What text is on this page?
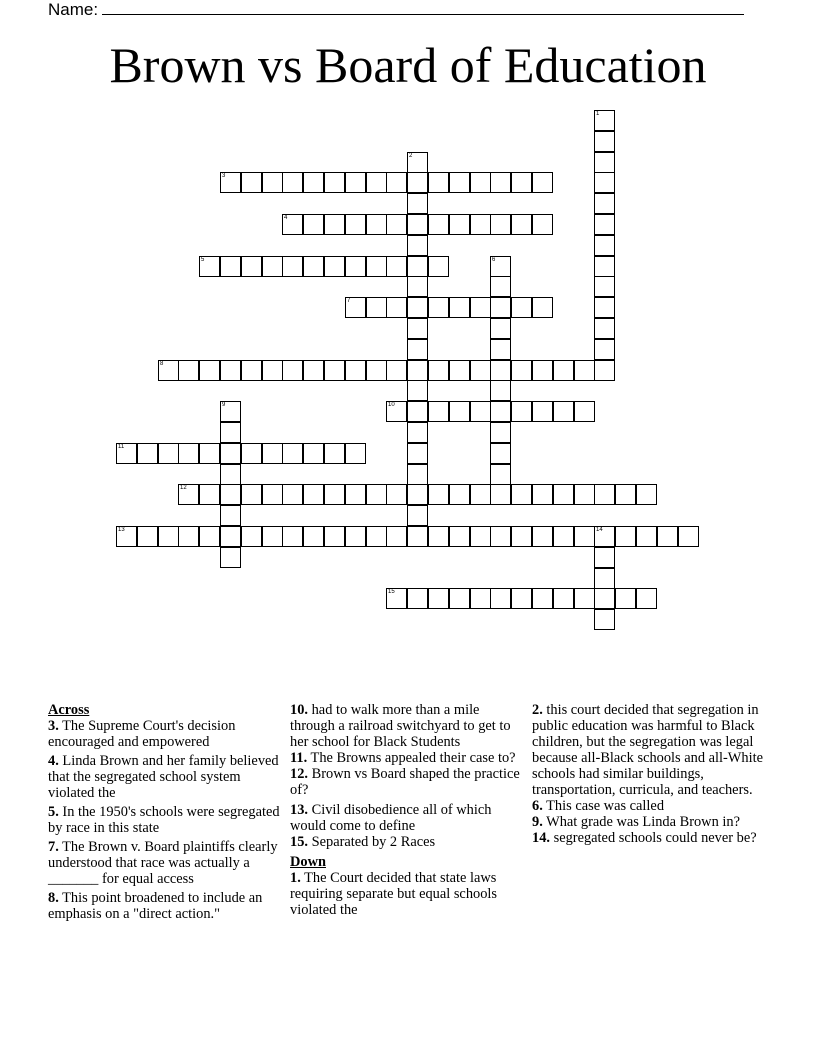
Name:
Brown vs Board of Education
1
2
3
4
5	6
7
8
9	10
11
12
13	14
15
Across
3. The Supreme Court's decision encouraged and empowered
4. Linda Brown and her family believed that the segregated school system violated the
5. In the 1950's schools were segregated by race in this state
7. The Brown v. Board plaintiffs clearly understood that race was actually a _______ for equal access
8. This point broadened to include an emphasis on a "direct action."
10. had to walk more than a mile through a railroad switchyard to get to her school for Black Students
11. The Browns appealed their case to?
12. Brown vs Board shaped the practice of?
13. Civil disobedience all of which would come to define
15. Separated by 2 Races
Down
1. The Court decided that state laws requiring separate but equal schools violated the
2. this court decided that segregation in public education was harmful to Black children, but the segregation was legal because all-Black schools and all-White schools had similar buildings, transportation, curricula, and teachers.
6. This case was called
9. What grade was Linda Brown in?
14. segregated schools could never be?
